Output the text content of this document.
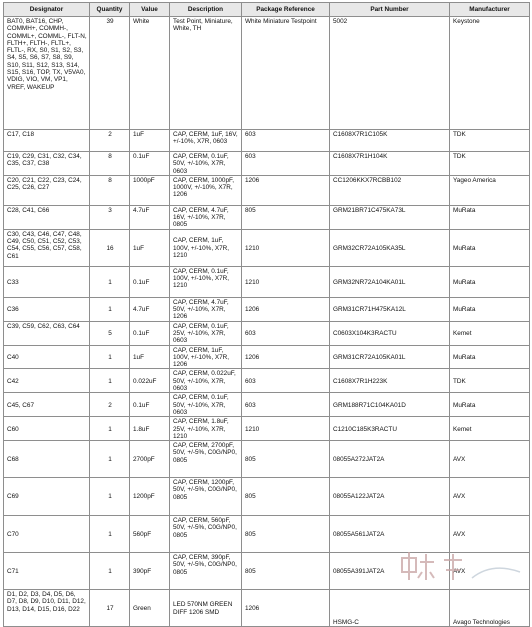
Designator	Quantity	Value	Description	Package Reference	Part Number	Manufacturer
BAT0, BAT16, CHP, COMMH+, COMMH-, COMML+, COMML-, FLT-N, FLTH+, FLTH-, FLTL+, FLTL-, RX, S0, S1, S2, S3, S4, S5, S6, S7, S8, S9, S10, S11, S12, S13, S14, S15, S16, TOP, TX, V5VA0, VDIG, VIO, VM, VP1, VREF, WAKEUP	39	White	Test Point, Miniature, White, TH	White Miniature Testpoint	5002	Keystone
C17, C18	2	1uF	CAP, CERM, 1uF, 16V, +/-10%, X7R, 0603	603	C1608X7R1C105K	TDK
C19, C29, C31, C32, C34, C35, C37, C38	8	0.1uF	CAP, CERM, 0.1uF, 50V, +/-10%, X7R, 0603	603	C1608X7R1H104K	TDK
C20, C21, C22, C23, C24, C25, C26, C27	8	1000pF	CAP, CERM, 1000pF, 1000V, +/-10%, X7R, 1206	1206	CC1206KKX7RCBB102	Yageo America
C28, C41, C66	3	4.7uF	CAP, CERM, 4.7uF, 16V, +/-10%, X7R, 0805	805	GRM21BR71C475KA73L	MuRata
C30, C43, C46, C47, C48, C49, C50, C51, C52, C53, C54, C55, C56, C57, C58, C61	16	1uF	CAP, CERM, 1uF, 100V, +/-10%, X7R, 1210	1210	GRM32CR72A105KA35L	MuRata
C33	1	0.1uF	CAP, CERM, 0.1uF, 100V, +/-10%, X7R, 1210	1210	GRM32NR72A104KA01L	MuRata
C36	1	4.7uF	CAP, CERM, 4.7uF, 50V, +/-10%, X7R, 1206	1206	GRM31CR71H475KA12L	MuRata
C39, C59, C62, C63, C64	5	0.1uF	CAP, CERM, 0.1uF, 25V, +/-10%, X7R, 0603	603	C0603X104K3RACTU	Kemet
C40	1	1uF	CAP, CERM, 1uF, 100V, +/-10%, X7R, 1206	1206	GRM31CR72A105KA01L	MuRata
C42	1	0.022uF	CAP, CERM, 0.022uF, 50V, +/-10%, X7R, 0603	603	C1608X7R1H223K	TDK
C45, C67	2	0.1uF	CAP, CERM, 0.1uF, 50V, +/-10%, X7R, 0603	603	GRM188R71C104KA01D	MuRata
C60	1	1.8uF	CAP, CERM, 1.8uF, 25V, +/-10%, X7R, 1210	1210	C1210C185K3RACTU	Kemet
C68	1	2700pF	CAP, CERM, 2700pF, 50V, +/-5%, C0G/NP0, 0805	805	08055A272JAT2A	AVX
C69	1	1200pF	CAP, CERM, 1200pF, 50V, +/-5%, C0G/NP0, 0805	805	08055A122JAT2A	AVX
C70	1	560pF	CAP, CERM, 560pF, 50V, +/-5%, C0G/NP0, 0805	805	08055A561JAT2A	AVX
C71	1	390pF	CAP, CERM, 390pF, 50V, +/-5%, C0G/NP0, 0805	805	08055A391JAT2A	AVX
D1, D2, D3, D4, D5, D6, D7, D8, D9, D10, D11, D12, D13, D14, D15, D16, D22	17	Green	LED 570NM GREEN DIFF 1206 SMD	1206	HSMG-C	Avago Technologies
